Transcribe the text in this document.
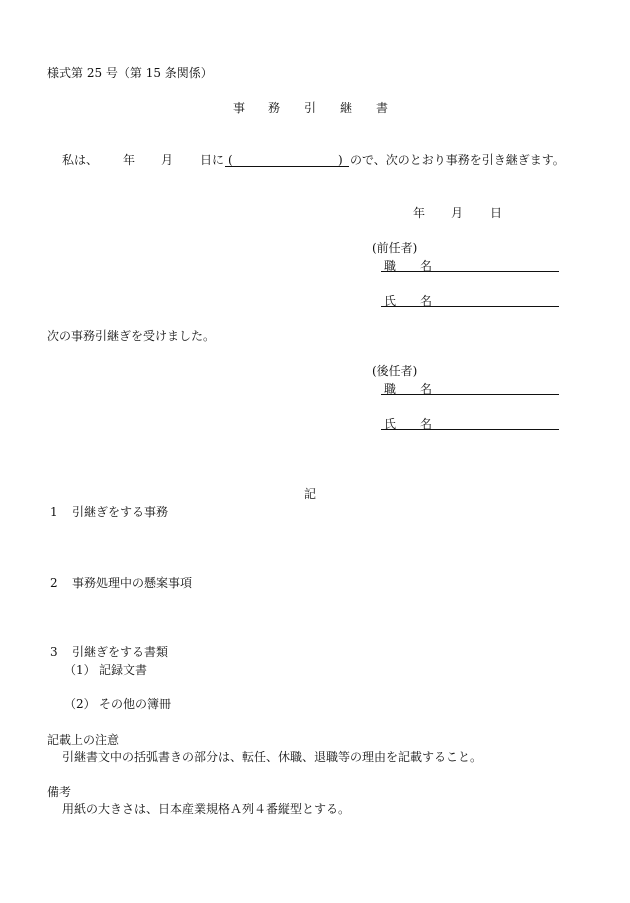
様式第 25 号（第 15 条関係）
事 務 引 継 書
私は、 年 月 日に (	) ので、次のとおり事務を引き継ぎます。
年 月 日
(前任者)
職 名
氏 名
次の事務引継ぎを受けました。
(後任者)
職 名
氏 名
記
1 引継ぎをする事務
2 事務処理中の懸案事項
3 引継ぎをする書類
（1） 記録文書
（2） その他の簿冊
記載上の注意
引継書文中の括弧書きの部分は、転任、休職、退職等の理由を記載すること。
備考
用紙の大きさは、日本産業規格Ａ列４番縦型とする。
